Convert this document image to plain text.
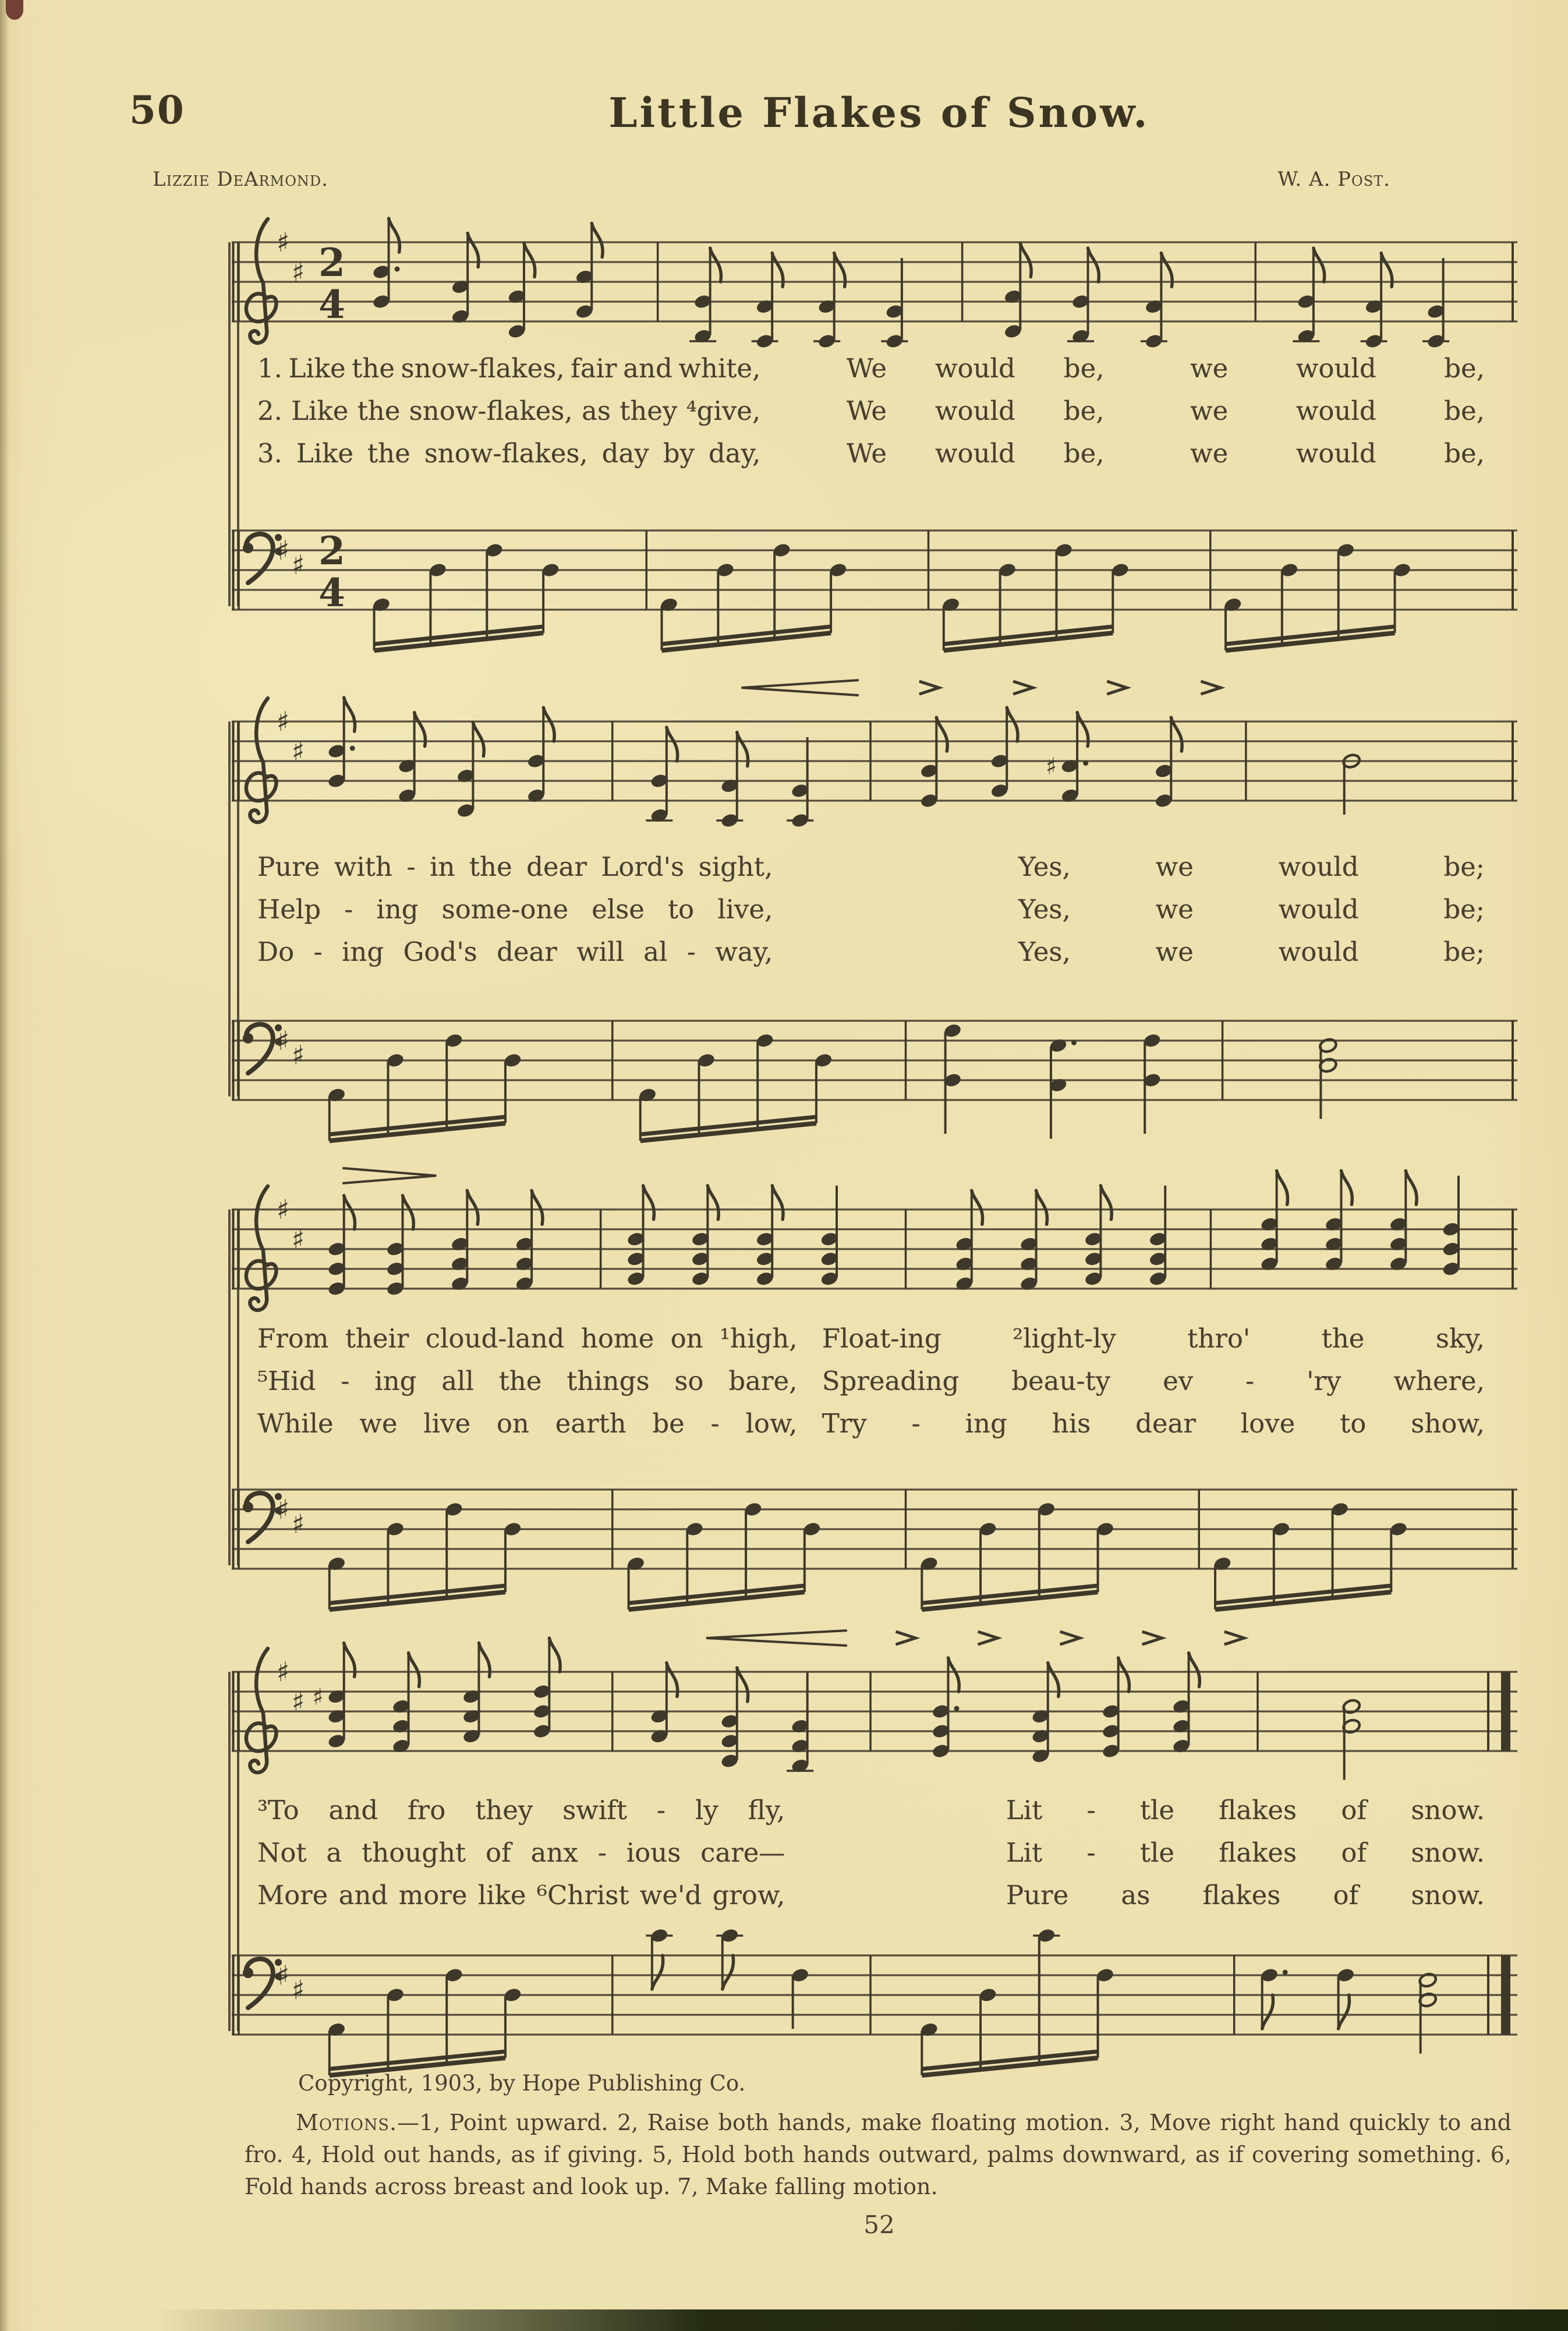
50	Little Flakes of Snow.
Lizzie DeArmond.	W. A. Post.
♯
♯ 2
4
♯ ♯ 2
4
1. Like the snow-flakes, fair and white,	We would be,	we	would	be,
2. Like the snow-flakes, as they ⁴give,	We would be,	we	would	be,
3. Like the snow-flakes, day by day,	We would be,	we	would	be,
♯
♯	♯
♯ ♯
Pure with - in the dear Lord's sight,	Yes,	we	would	be;
Help - ing some-one else to live,	Yes,	we	would	be;
Do - ing God's dear will al - way,	Yes,	we	would	be;
♯
♯
♯ ♯
From their cloud-land home on ¹high, Float-ing	²light-ly	thro'	the	sky,
⁵Hid - ing all the things so bare, Spreading beau-ty ev - 'ry where,
While we live on earth be - low, Try - ing his dear love to show,
♯
♯ ♯
♯ ♯
³To and fro they swift - ly fly,	Lit - tle flakes of snow.
Not a thought of anx - ious care—	Lit - tle flakes of snow.
More and more like ⁶Christ we'd grow,	Pure as flakes of snow.
Copyright, 1903, by Hope Publishing Co.
Motions.—1, Point upward. 2, Raise both hands, make floating motion. 3, Move right hand quickly to and fro. 4, Hold out hands, as if giving. 5, Hold both hands outward, palms downward, as if covering something. 6, Fold hands across breast and look up. 7, Make falling motion.
52
